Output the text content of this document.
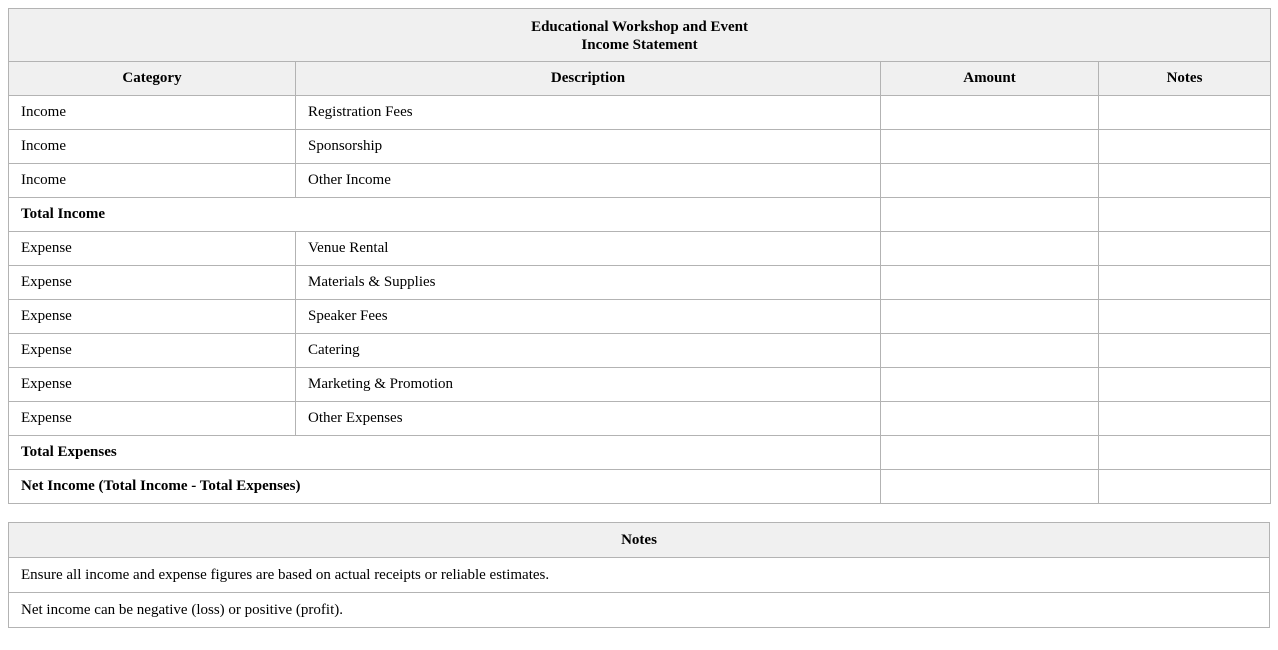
Educational Workshop and Event
Income Statement			

Category	Description	Amount	Notes
Income	Registration Fees		
Income	Sponsorship		
Income	Other Income		
Total Income			
Expense	Venue Rental		
Expense	Materials & Supplies		
Expense	Speaker Fees		
Expense	Catering		
Expense	Marketing & Promotion		
Expense	Other Expenses		
Total Expenses			
Net Income (Total Income - Total Expenses)			
Notes
Ensure all income and expense figures are based on actual receipts or reliable estimates.
Net income can be negative (loss) or positive (profit).
